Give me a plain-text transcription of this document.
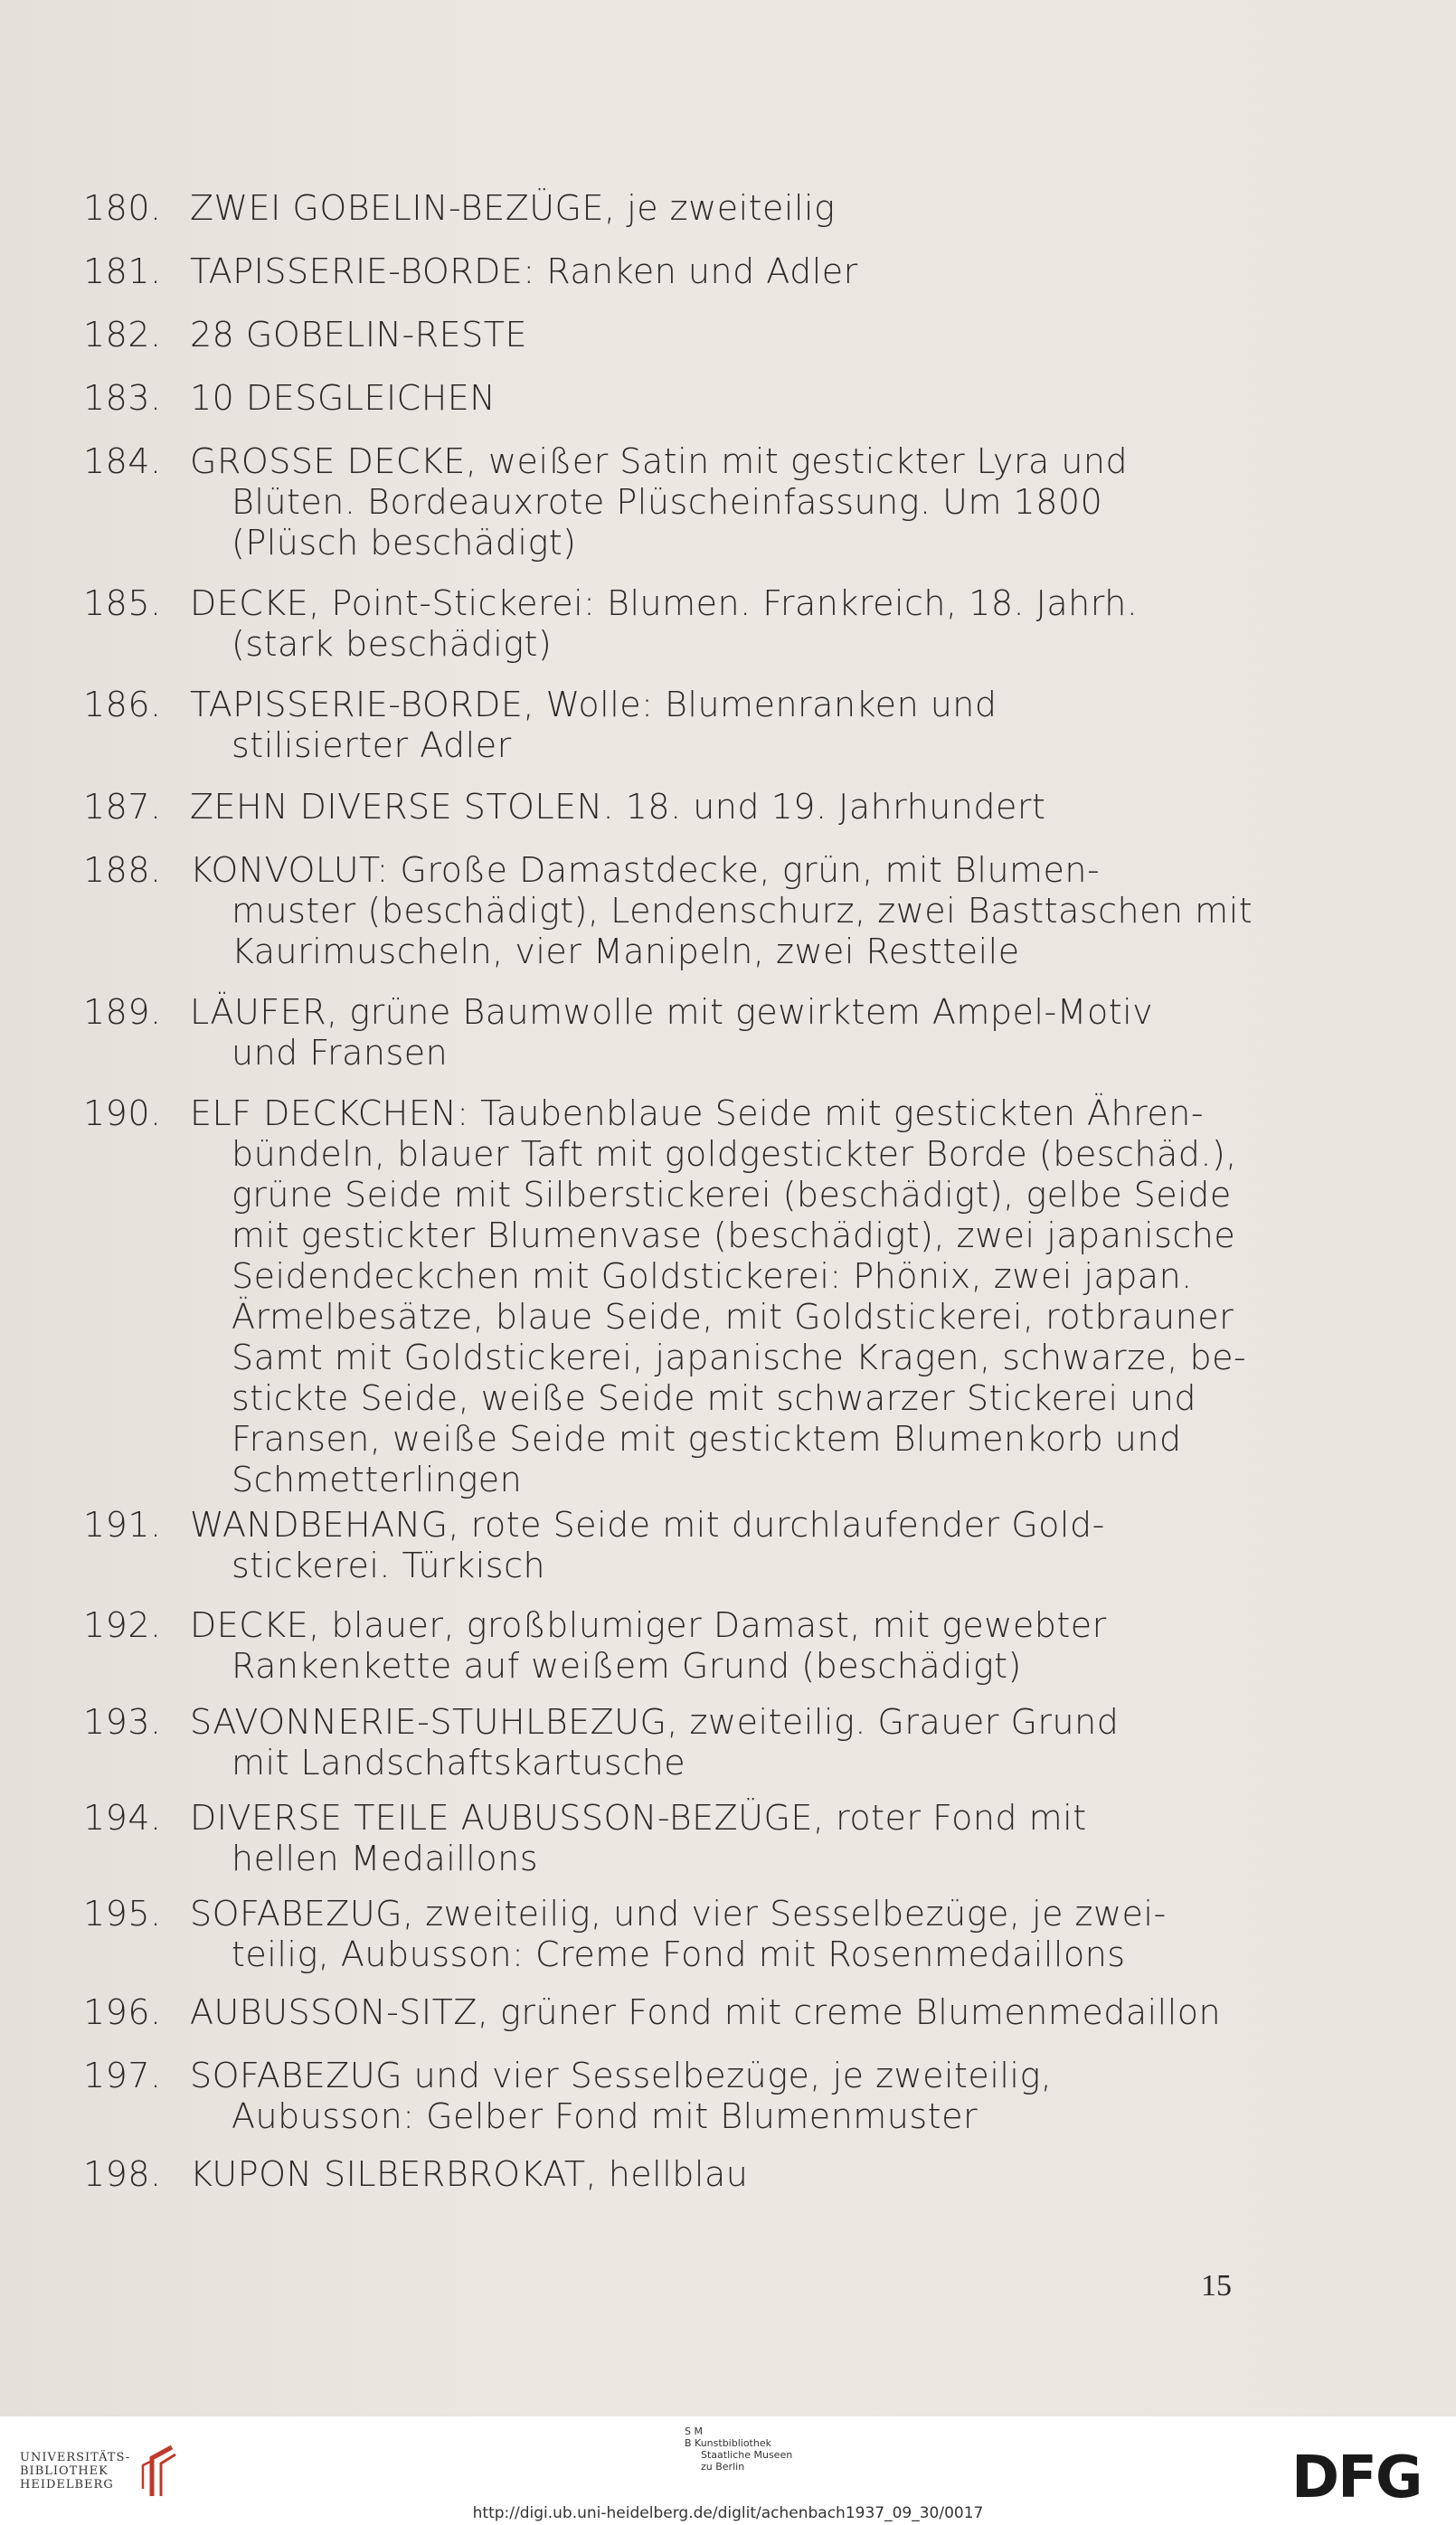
180. ZWEI GOBELIN-BEZÜGE, je zweiteilig
181. TAPISSERIE-BORDE: Ranken und Adler
182. 28 GOBELIN-RESTE
183. 10 DESGLEICHEN
184. GROSSE DECKE, weißer Satin mit gestickter Lyra und
Blüten. Bordeauxrote Plüscheinfassung. Um 1800
(Plüsch beschädigt)
185. DECKE, Point-Stickerei: Blumen. Frankreich, 18. Jahrh.
(stark beschädigt)
186. TAPISSERIE-BORDE, Wolle: Blumenranken und
stilisierter Adler
187. ZEHN DIVERSE STOLEN. 18. und 19. Jahrhundert
188. KONVOLUT: Große Damastdecke, grün, mit Blumen-
muster (beschädigt), Lendenschurz, zwei Basttaschen mit
Kaurimuscheln, vier Manipeln, zwei Restteile
189. LÄUFER, grüne Baumwolle mit gewirktem Ampel-Motiv
und Fransen
190. ELF DECKCHEN: Taubenblaue Seide mit gestickten Ähren-
bündeln, blauer Taft mit goldgestickter Borde (beschäd.),
grüne Seide mit Silberstickerei (beschädigt), gelbe Seide
mit gestickter Blumenvase (beschädigt), zwei japanische
Seidendeckchen mit Goldstickerei: Phönix, zwei japan.
Ärmelbesätze, blaue Seide, mit Goldstickerei, rotbrauner
Samt mit Goldstickerei, japanische Kragen, schwarze, be-
stickte Seide, weiße Seide mit schwarzer Stickerei und
Fransen, weiße Seide mit gesticktem Blumenkorb und
Schmetterlingen
191. WANDBEHANG, rote Seide mit durchlaufender Gold-
stickerei. Türkisch
192. DECKE, blauer, großblumiger Damast, mit gewebter
Rankenkette auf weißem Grund (beschädigt)
193. SAVONNERIE-STUHLBEZUG, zweiteilig. Grauer Grund
mit Landschaftskartusche
194. DIVERSE TEILE AUBUSSON-BEZÜGE, roter Fond mit
hellen Medaillons
195. SOFABEZUG, zweiteilig, und vier Sesselbezüge, je zwei-
teilig, Aubusson: Creme Fond mit Rosenmedaillons
196. AUBUSSON-SITZ, grüner Fond mit creme Blumenmedaillon
197. SOFABEZUG und vier Sesselbezüge, je zweiteilig,
Aubusson: Gelber Fond mit Blumenmuster
198. KUPON SILBERBROKAT, hellblau
15
UNIVERSITÄTS-
BIBLIOTHEK
HEIDELBERG
S M
B Kunstbibliothek
Staatliche Museen
zu Berlin	DFG
http://digi.ub.uni-heidelberg.de/diglit/achenbach1937_09_30/0017
